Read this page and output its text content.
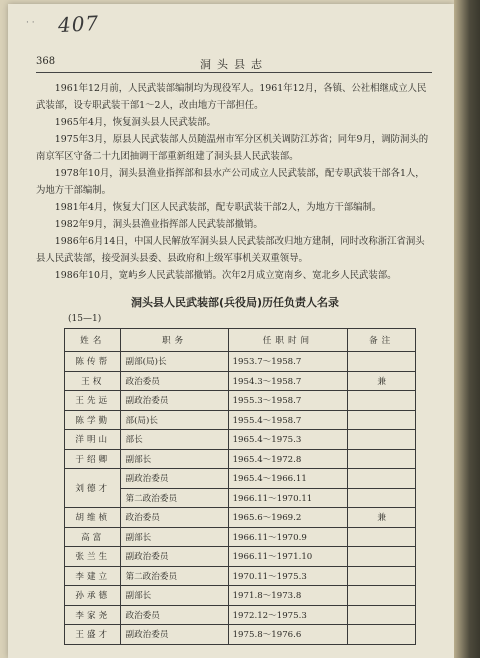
· · 407
368	洞头县志

1961年12月前，人民武装部编制均为现役军人。1961年12月，各镇、公社相继成立人民武装部，设专职武装干部1～2人，改由地方干部担任。

1965年4月，恢复洞头县人民武装部。

1975年3月，原县人民武装部人员随温州市军分区机关调防江苏省；同年9月，调防洞头的南京军区守备二十九团抽调干部重新组建了洞头县人民武装部。

1978年10月，洞头县渔业指挥部和县水产公司成立人民武装部，配专职武装干部各1人，为地方干部编制。

1981年4月，恢复大门区人民武装部，配专职武装干部2人，为地方干部编制。

1982年9月，洞头县渔业指挥部人民武装部撤销。

1986年6月14日，中国人民解放军洞头县人民武装部改归地方建制，同时改称浙江省洞头县人民武装部，接受洞头县委、县政府和上级军事机关双重领导。

1986年10月，宽屿乡人民武装部撤销。次年2月成立宽南乡、宽北乡人民武装部。

洞头县人民武装部(兵役局)历任负责人名录
(15—1)
姓名	职务	任职时间	备注
陈传帮	副部(局)长	1953.7～1958.7	
王权	政治委员	1954.3～1958.7	兼
王先远	副政治委员	1955.3～1958.7	
陈学勤	部(局)长	1955.4～1958.7	
洋明山	部长	1965.4～1975.3	
于绍卿	副部长	1965.4～1972.8	
刘德才	副政治委员	1965.4～1966.11	
	第二政治委员	1966.11～1970.11	
胡维桢	政治委员	1965.6～1969.2	兼
高富	副部长	1966.11～1970.9	
张兰生	副政治委员	1966.11～1971.10	
李建立	第二政治委员	1970.11～1975.3	
孙承德	副部长	1971.8～1973.8	
李家尧	政治委员	1972.12～1975.3	
王盛才	副政治委员	1975.8～1976.6	
